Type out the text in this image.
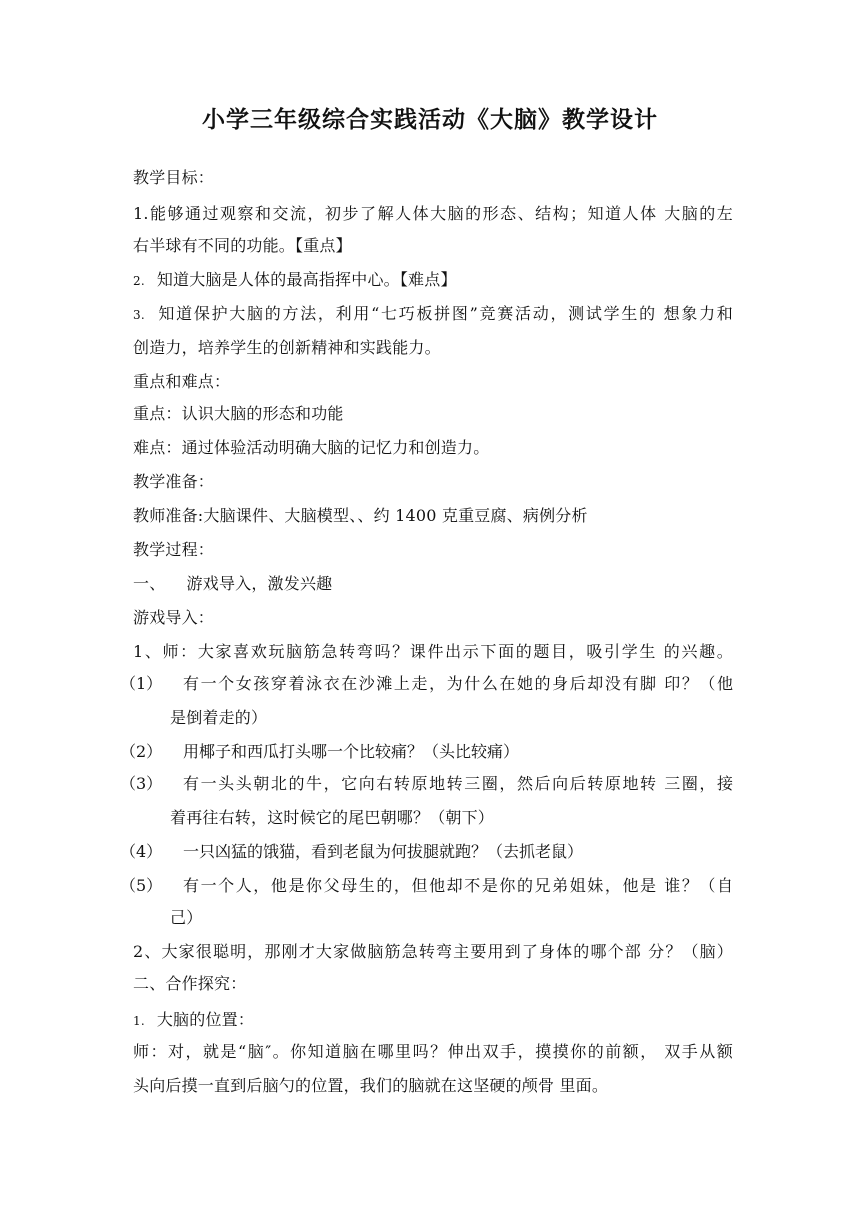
小学三年级综合实践活动《大脑》教学设计
教学目标：
1.能够通过观察和交流，初步了解人体大脑的形态、结构；知道人体 大脑的左
右半球有不同的功能。【重点】
2. 知道大脑是人体的最高指挥中心。【难点】
3. 知道保护大脑的方法，利用“七巧板拼图”竞赛活动，测试学生的 想象力和
创造力，培养学生的创新精神和实践能力。
重点和难点：
重点：认识大脑的形态和功能
难点：通过体验活动明确大脑的记忆力和创造力。
教学准备：
教师准备:大脑课件、大脑模型、、约 1400 克重豆腐、病例分析
教学过程：
一、    游戏导入，激发兴趣
游戏导入：
1、师：大家喜欢玩脑筋急转弯吗？课件出示下面的题目，吸引学生 的兴趣。
（1） 有一个女孩穿着泳衣在沙滩上走，为什么在她的身后却没有脚 印？（他
是倒着走的）
（2） 用椰子和西瓜打头哪一个比较痛？（头比较痛）
（3） 有一头头朝北的牛，它向右转原地转三圈，然后向后转原地转 三圈，接
着再往右转，这时候它的尾巴朝哪？（朝下）
（4） 一只凶猛的饿猫，看到老鼠为何拔腿就跑？（去抓老鼠）
（5） 有一个人，他是你父母生的，但他却不是你的兄弟姐妹，他是 谁？（自
己）
2、大家很聪明，那刚才大家做脑筋急转弯主要用到了身体的哪个部 分？（脑）
二、合作探究：
1. 大脑的位置：
师：对，就是“脑″。你知道脑在哪里吗？伸出双手，摸摸你的前额， 双手从额
头向后摸一直到后脑勺的位置，我们的脑就在这坚硬的颅骨 里面。
